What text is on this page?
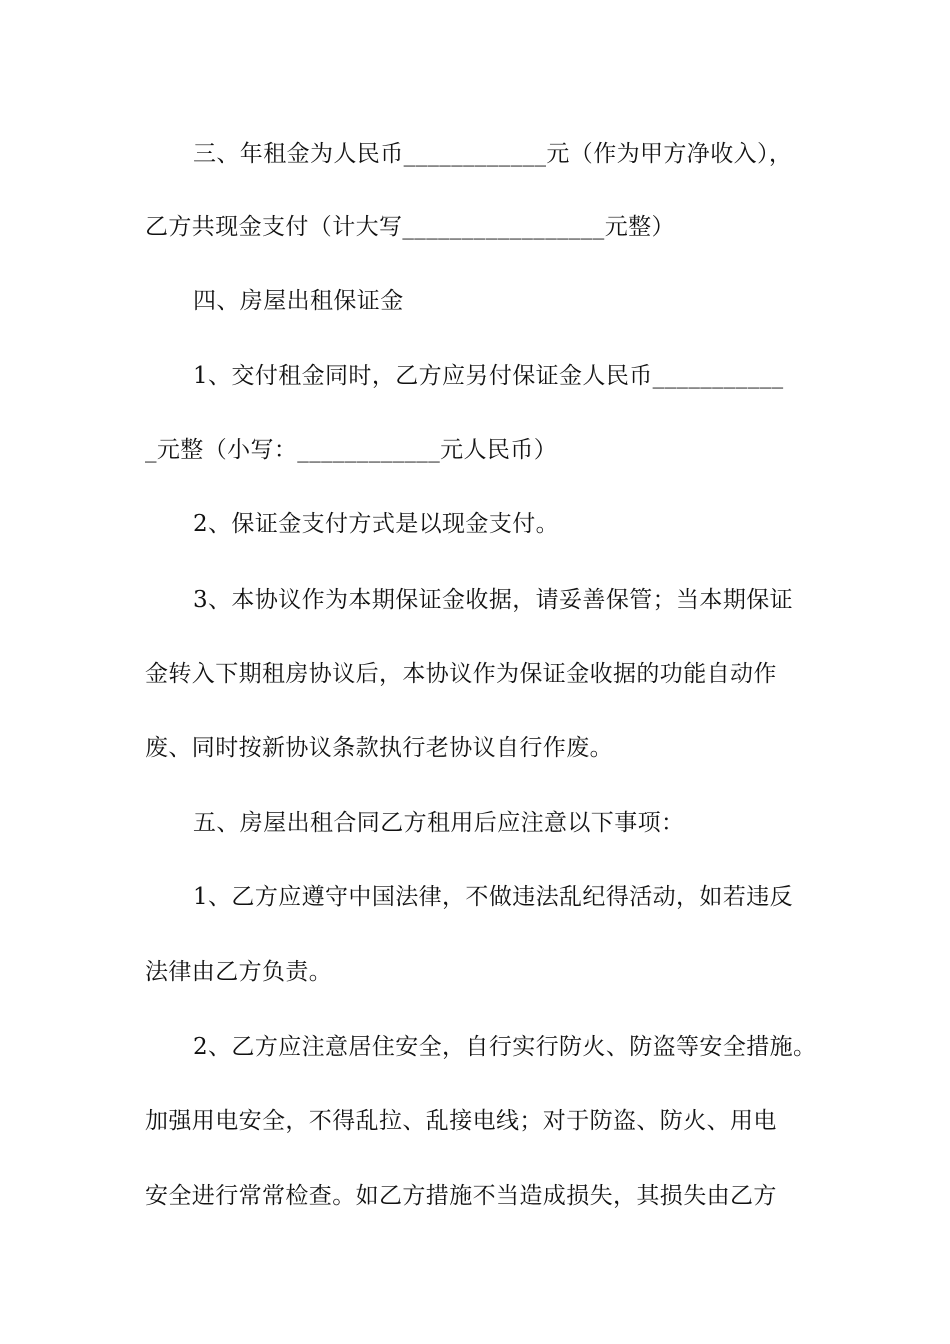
三、年租金为人民币____________元（作为甲方净收入），
乙方共现金支付（计大写_________________元整）
四、房屋出租保证金
1、交付租金同时，乙方应另付保证金人民币___________
_元整（小写：____________元人民币）
2、保证金支付方式是以现金支付。
3、本协议作为本期保证金收据，请妥善保管；当本期保证
金转入下期租房协议后，本协议作为保证金收据的功能自动作
废、同时按新协议条款执行老协议自行作废。
五、房屋出租合同乙方租用后应注意以下事项：
1、乙方应遵守中国法律，不做违法乱纪得活动，如若违反
法律由乙方负责。
2、乙方应注意居住安全，自行实行防火、防盗等安全措施。
加强用电安全，不得乱拉、乱接电线；对于防盗、防火、用电
安全进行常常检查。如乙方措施不当造成损失，其损失由乙方
